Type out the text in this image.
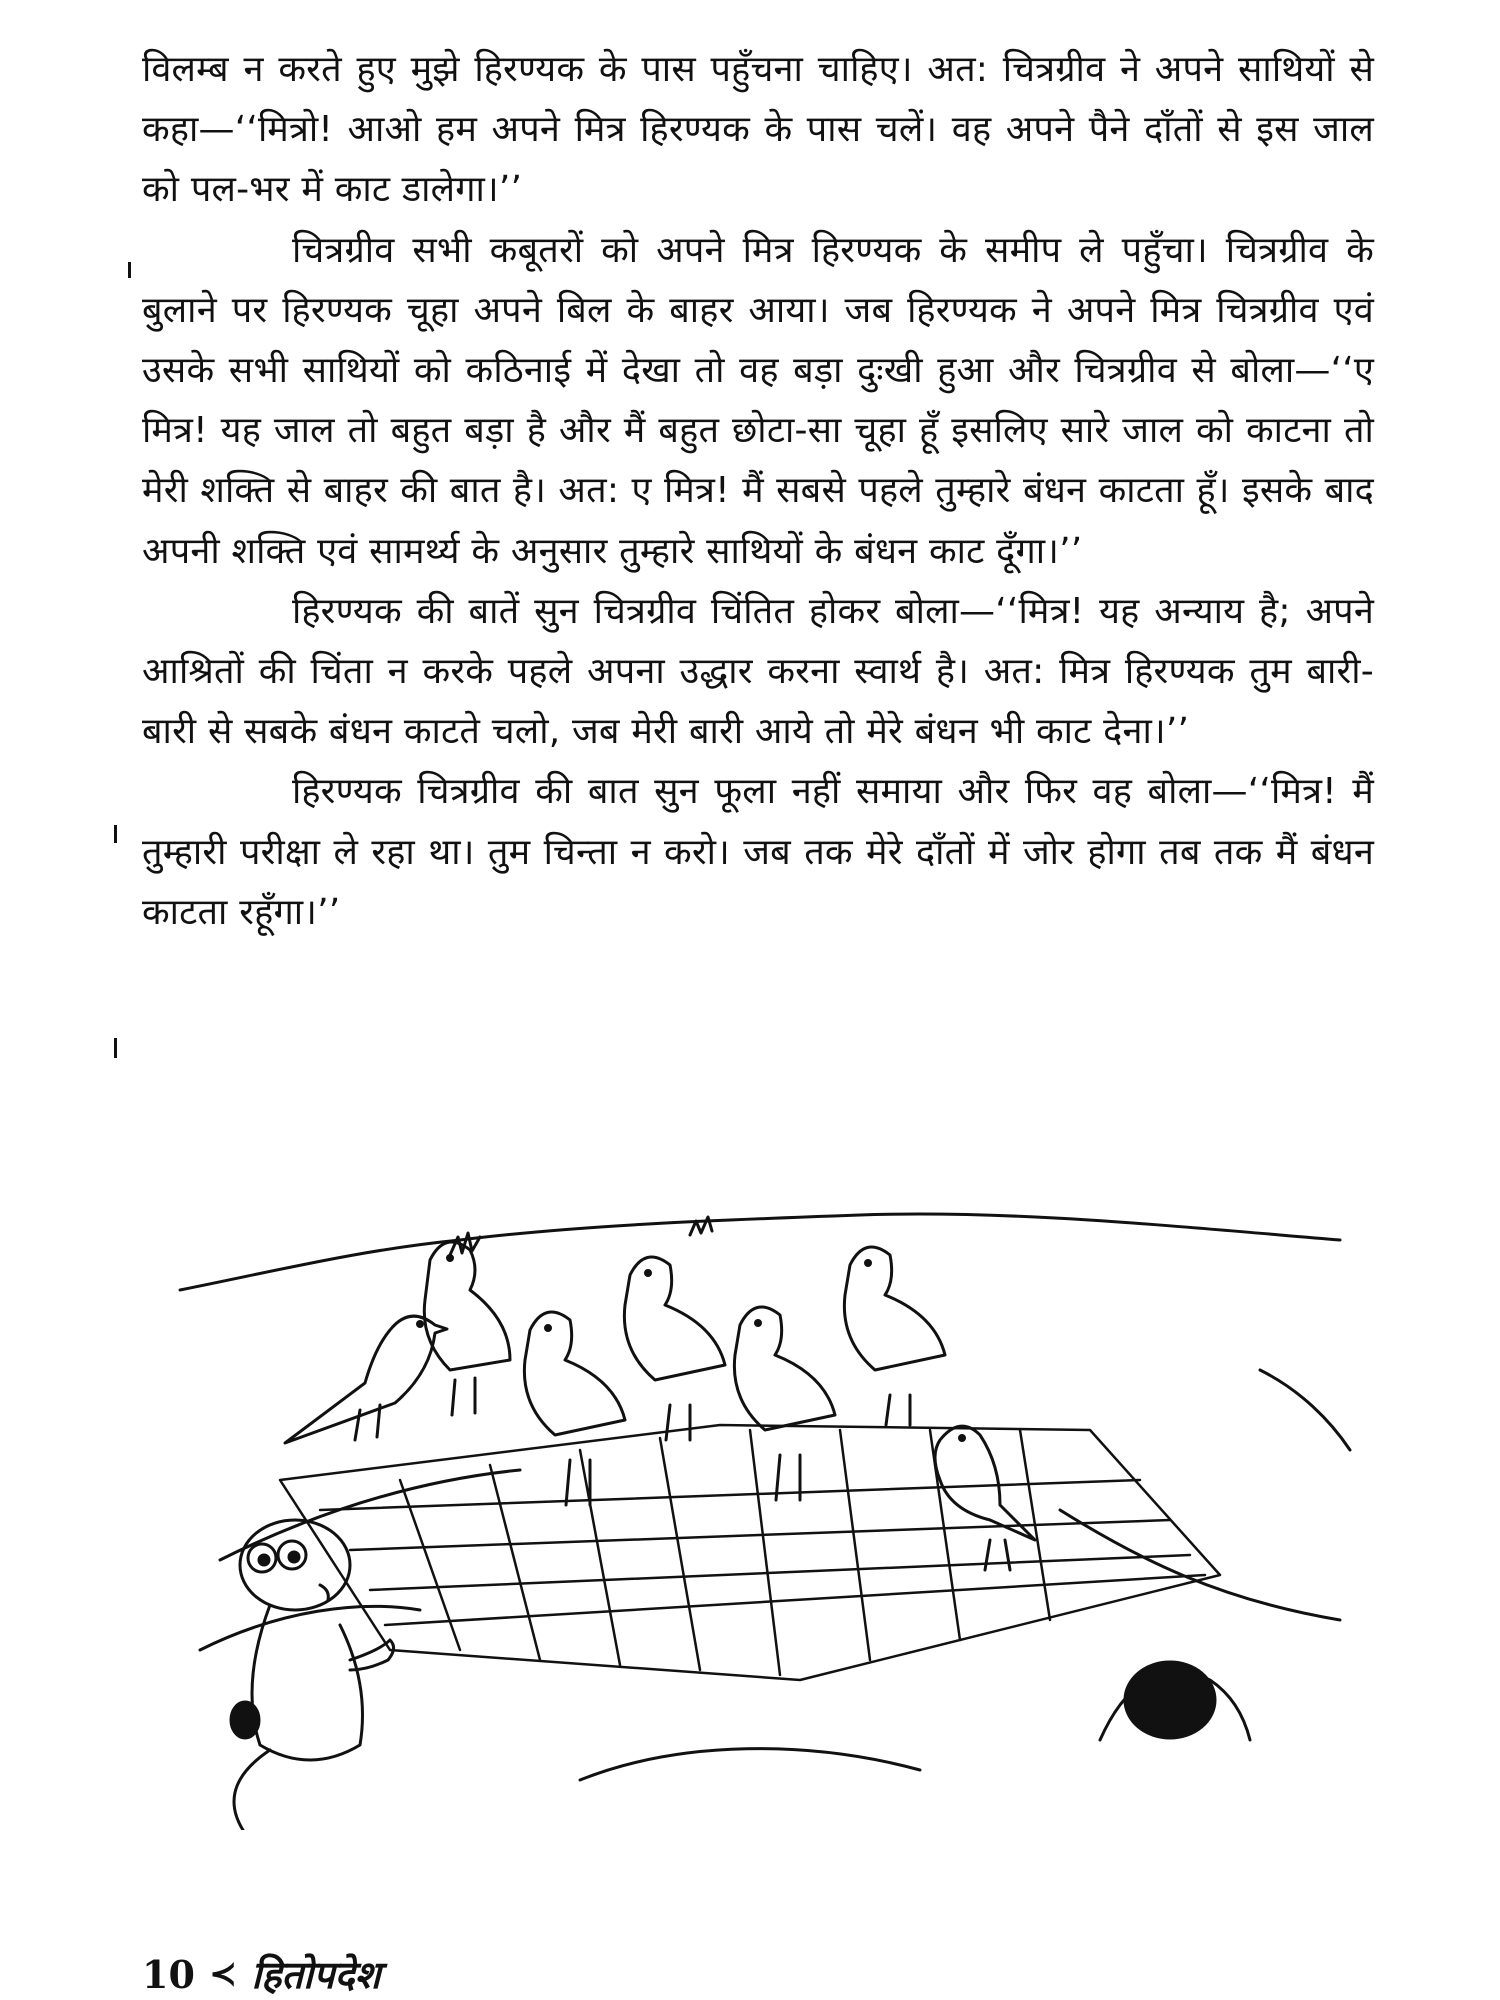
विलम्ब न करते हुए मुझे हिरण्यक के पास पहुँचना चाहिए। अत: चित्रग्रीव ने अपने साथियों से कहा—‘‘मित्रो! आओ हम अपने मित्र हिरण्यक के पास चलें। वह अपने पैने दाँतों से इस जाल को पल-भर में काट डालेगा।’’

चित्रग्रीव सभी कबूतरों को अपने मित्र हिरण्यक के समीप ले पहुँचा। चित्रग्रीव के बुलाने पर हिरण्यक चूहा अपने बिल के बाहर आया। जब हिरण्यक ने अपने मित्र चित्रग्रीव एवं उसके सभी साथियों को कठिनाई में देखा तो वह बड़ा दुःखी हुआ और चित्रग्रीव से बोला—‘‘ए मित्र! यह जाल तो बहुत बड़ा है और मैं बहुत छोटा-सा चूहा हूँ इसलिए सारे जाल को काटना तो मेरी शक्ति से बाहर की बात है। अत: ए मित्र! मैं सबसे पहले तुम्हारे बंधन काटता हूँ। इसके बाद अपनी शक्ति एवं सामर्थ्य के अनुसार तुम्हारे साथियों के बंधन काट दूँगा।’’

हिरण्यक की बातें सुन चित्रग्रीव चिंतित होकर बोला—‘‘मित्र! यह अन्याय है; अपने आश्रितों की चिंता न करके पहले अपना उद्धार करना स्वार्थ है। अत: मित्र हिरण्यक तुम बारी-बारी से सबके बंधन काटते चलो, जब मेरी बारी आये तो मेरे बंधन भी काट देना।’’

हिरण्यक चित्रग्रीव की बात सुन फूला नहीं समाया और फिर वह बोला—‘‘मित्र! मैं तुम्हारी परीक्षा ले रहा था। तुम चिन्ता न करो। जब तक मेरे दाँतों में जोर होगा तब तक मैं बंधन काटता रहूँगा।’’

10 ≺ हितोपदेश
